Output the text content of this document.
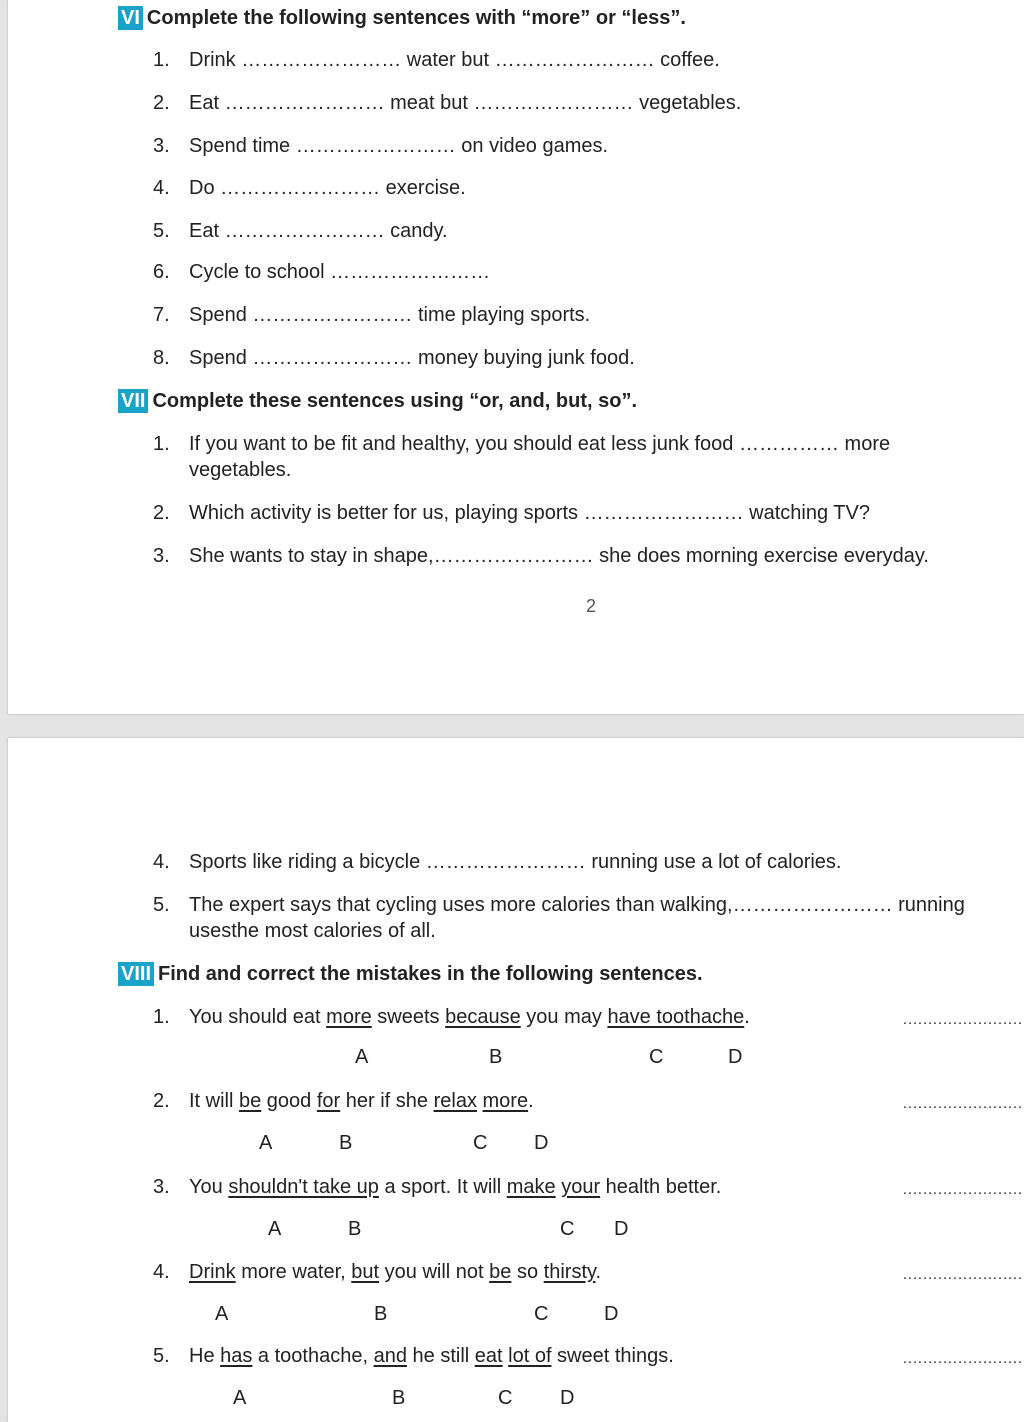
VI Complete the following sentences with “more” or “less”.
1. Drink …………………… water but …………………… coffee.
2. Eat …………………… meat but …………………… vegetables.
3. Spend time …………………… on video games.
4. Do …………………… exercise.
5. Eat …………………… candy.
6. Cycle to school ……………………
7. Spend …………………… time playing sports.
8. Spend …………………… money buying junk food.
VII Complete these sentences using “or, and, but, so”.
1. If you want to be fit and healthy, you should eat less junk food …………… more
vegetables.
2. Which activity is better for us, playing sports …………………… watching TV?
3. She wants to stay in shape,…………………… she does morning exercise everyday.
2
4. Sports like riding a bicycle …………………… running use a lot of calories.
5. The expert says that cycling uses more calories than walking,…………………… running
usesthe most calories of all.
VIII Find and correct the mistakes in the following sentences.
1. You should eat more sweets because you may have toothache.	……………………
A	B	C	D
2. It will be good for her if she relax more.	……………………
A	B	C D
3. You shouldn't take up a sport. It will make your health better.	……………………
A	B	C D
4. Drink more water, but you will not be so thirsty.	……………………
A	B	C	D
5. He has a toothache, and he still eat lot of sweet things.	……………………
A	B	C D
